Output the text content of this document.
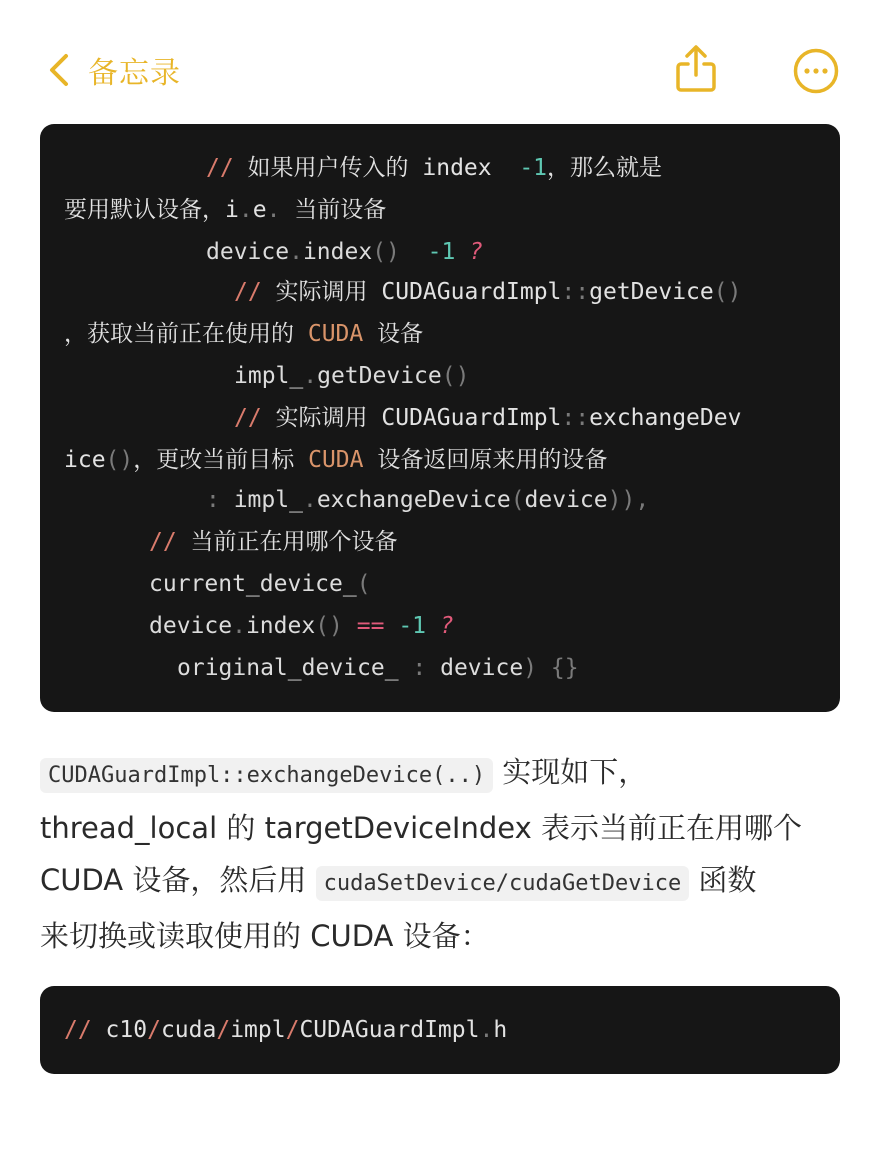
备忘录
// 如果用户传入的 index  -1，那么就是
要用默认设备，i.e. 当前设备
device.index()  -1 ?
// 实际调用 CUDAGuardImpl::getDevice()
，获取当前正在使用的 CUDA 设备
impl_.getDevice()
// 实际调用 CUDAGuardImpl::exchangeDev
ice()，更改当前目标 CUDA 设备返回原来用的设备
: impl_.exchangeDevice(device)),
// 当前正在用哪个设备
current_device_(
device.index() == -1 ?
original_device_ : device) {}
CUDAGuardImpl::exchangeDevice(..) 实现如下，
thread_local 的 targetDeviceIndex 表示当前正在用哪个
CUDA 设备，然后用 cudaSetDevice/cudaGetDevice 函数
来切换或读取使用的 CUDA 设备：
// c10/cuda/impl/CUDAGuardImpl.h
